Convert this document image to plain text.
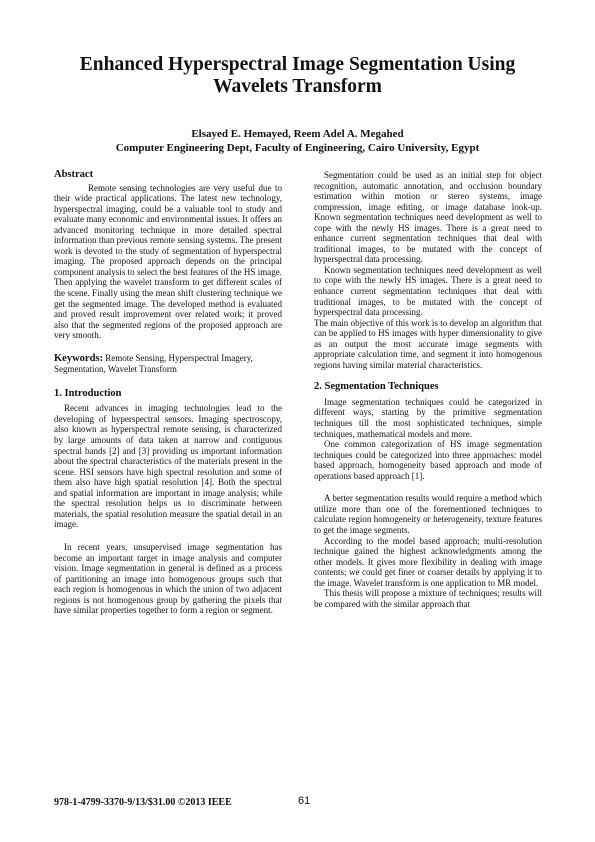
Enhanced Hyperspectral Image Segmentation Using
Wavelets Transform
Elsayed E. Hemayed, Reem Adel A. Megahed
Computer Engineering Dept, Faculty of Engineering, Cairo University, Egypt
Abstract

Remote sensing technologies are very useful due to their wide practical applications. The latest new technology, hyperspectral imaging, could be a valuable tool to study and evaluate many economic and environmental issues. It offers an advanced monitoring technique in more detailed spectral information than previous remote sensing systems. The present work is devoted to the study of segmentation of hyperspectral imaging. The proposed approach depends on the principal component analysis to select the best features of the HS image. Then applying the wavelet transform to get different scales of the scene. Finally using the mean shift clustering technique we get the segmented image. The developed method is evaluated and proved result improvement over related work; it proved also that the segmented regions of the proposed approach are very smooth.

Keywords: Remote Sensing, Hyperspectral Imagery, Segmentation, Wavelet Transform

1. Introduction

Recent advances in imaging technologies lead to the developing of hyperspectral sensors. Imaging spectroscopy, also known as hyperspectral remote sensing, is characterized by large amounts of data taken at narrow and contiguous spectral bands [2] and [3] providing us important information about the spectral characteristics of the materials present in the scene. HSI sensors have high spectral resolution and some of them also have high spatial resolution [4]. Both the spectral and spatial information are important in image analysis; while the spectral resolution helps us to discriminate between materials, the spatial resolution measure the spatial detail in an image.

In recent years, unsupervised image segmentation has become an important target in image analysis and computer vision. Image segmentation in general is defined as a process of partitioning an image into homogenous groups such that each region is homogenous in which the union of two adjacent regions is not homogenous group by gathering the pixels that have similar properties together to form a region or segment.

Segmentation could be used as an initial step for object recognition, automatic annotation, and occlusion boundary estimation within motion or stereo systems, image compression, image editing, or image database look-up. Known segmentation techniques need development as well to cope with the newly HS images. There is a great need to enhance current segmentation techniques that deal with traditional images, to be mutated with the concept of hyperspectral data processing.

Known segmentation techniques need development as well to cope with the newly HS images. There is a great need to enhance current segmentation techniques that deal with traditional images, to be mutated with the concept of hyperspectral data processing.

The main objective of this work is to develop an algorithm that can be applied to HS images with hyper dimensionality to give as an output the most accurate image segments with appropriate calculation time, and segment it into homogenous regions having similar material characteristics.

2. Segmentation Techniques

Image segmentation techniques could be categorized in different ways, starting by the primitive segmentation techniques till the most sophisticated techniques, simple techniques, mathematical models and more.

One common categorization of HS image segmentation techniques could be categorized into three approaches: model based approach, homogeneity based approach and mode of operations based approach [1].

A better segmentation results would require a method which utilize more than one of the forementioned techniques to calculate region homogeneity or heterogeneity, texture features to get the image segments.

According to the model based approach; multi-resolution technique gained the highest acknowledgments among the other models. It gives more flexibility in dealing with image contents; we could get finer or coarser details by applying it to the image. Wavelet transform is one application to MR model.

This thesis will propose a mixture of techniques; results will be compared with the similar approach that

978-1-4799-3370-9/13/$31.00 ©2013 IEEE	61
